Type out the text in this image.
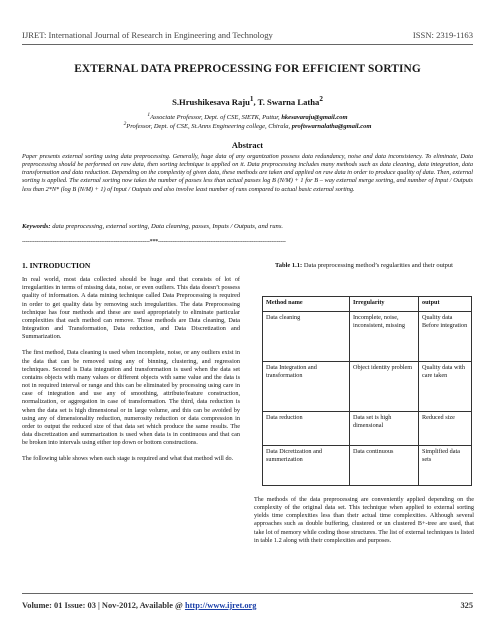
IJRET: International Journal of Research in Engineering and Technology	ISSN: 2319-1163
EXTERNAL DATA PREPROCESSING FOR EFFICIENT SORTING
S.Hrushikesava Raju$^1$, T. Swarna Latha$^2$
$^1$Associate Professor, Dept. of CSE, SIETK, Puttur, hkesavaraju@gmail.com
$^2$Professor, Dept. of CSE, St.Anns Engineering college, Chirala, proftswarnalatha@gmail.com
Abstract
Paper presents external sorting using data preprocessing. Generally, huge data of any organization possess data redundancy, noise and data inconsistency. To eliminate, Data preprocessing should be performed on raw data, then sorting technique is applied on it. Data preprocessing includes many methods such as data cleaning, data integration, data transformation and data reduction. Depending on the complexity of given data, these methods are taken and applied on raw data in order to produce quality of data. Then, external sorting is applied. The external sorting now takes the number of passes less than actual passes log B (N/M) + 1 for B – way external merge sorting, and number of Input / Outputs less than 2*N* (log B (N/M) + 1) of Input / Outputs and also involve least number of runs compared to actual basic external sorting.
Keywords: data preprocessing, external sorting, Data cleaning, passes, Inputs / Outputs, and runs.
-----------------------------------------------------------------------***-----------------------------------------------------------------------
1. INTRODUCTION

In real world, most data collected should be huge and that consists of lot of irregularities in terms of missing data, noise, or even outliers. This data doesn’t possess quality of information. A data mining technique called Data Preprocessing is required in order to get quality data by removing such irregularities. The data Preprocessing technique has four methods and these are used appropriately to eliminate particular complexities that each method can remove. Those methods are Data cleaning, Data Integration and Transformation, Data reduction, and Data Discretization and Summarization.

The first method, Data cleaning is used when incomplete, noise, or any outliers exist in the data that can be removed using any of binning, clustering, and regression techniques. Second is Data integration and transformation is used when the data set contains objects with many values or different objects with same value and the data is not in required interval or range and this can be eliminated by processing using care in case of integration and use any of smoothing, attribute/feature construction, normalization, or aggregation in case of transformation. The third, data reduction is when the data set is high dimensional or in large volume, and this can be avoided by using any of dimensionality reduction, numerosity reduction or data compression in order to output the reduced size of that data set which produce the same results. The data discretization and summarization is used when data is in continuous and that can be broken into intervals using either top down or bottom constructions.

The following table shows when each stage is required and what that method will do.

Table 1.1: Data preprocessing method’s regularities and their output
Method name	Irregularity	output
Data cleaning	Incomplete, noise, inconsistent, missing	Quality data Before integration
Data Integration and transformation	Object identity problem	Quality data with care taken
Data reduction	Data set is high dimensional	Reduced size
Data Dicretization and summerization	Data continuous	Simplified data sets
The methods of the data preprocessing are conveniently applied depending on the complexity of the original data set. This technique when applied to external sorting yields time complexities less than their actual time complexities. Although several approaches such as double buffering, clustered or un clustered B+-tree are used, that take lot of memory while coding those structures. The list of external techniques is listed in table 1.2 along with their complexities and purposes.
Volume: 01 Issue: 03 | Nov-2012, Available @ http://www.ijret.org	325
